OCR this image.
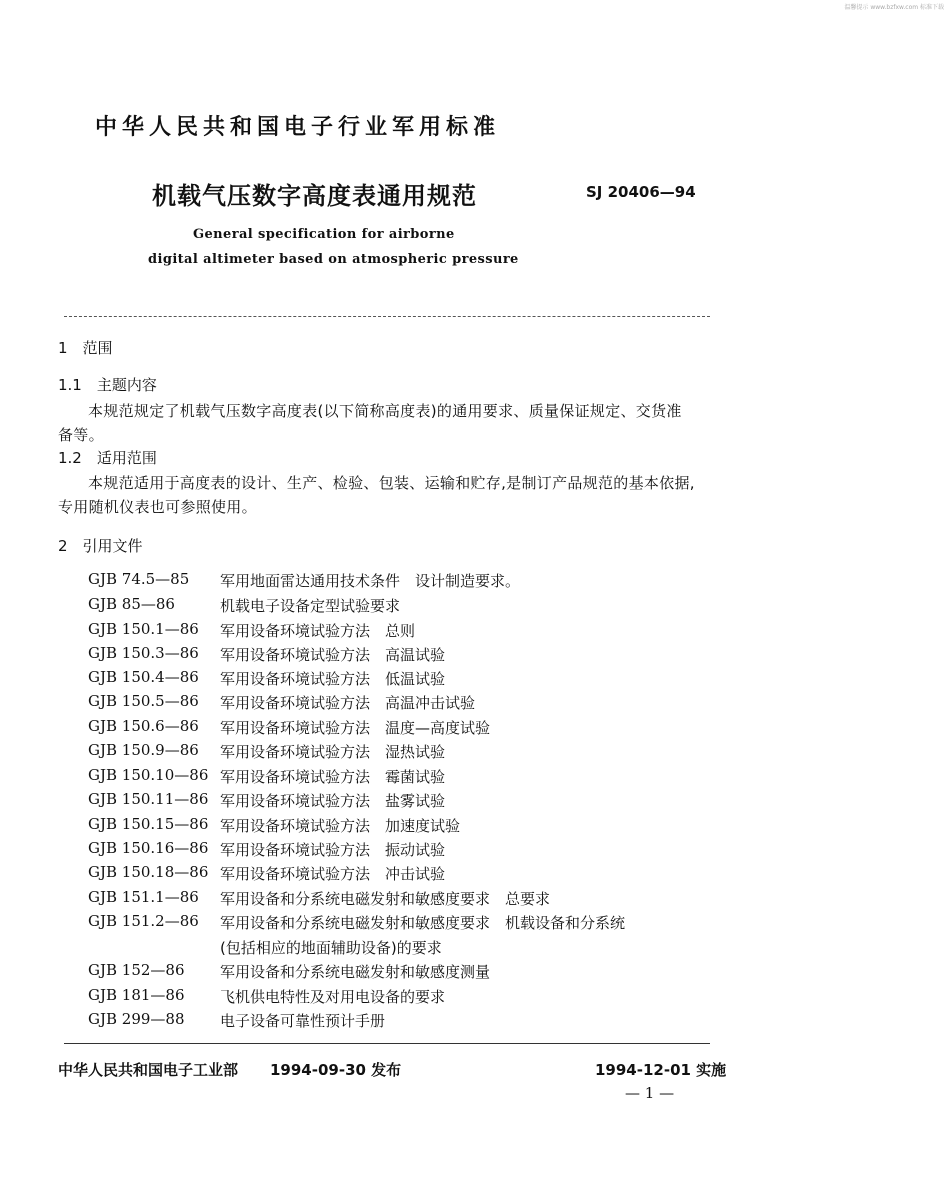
温馨提示 www.bzfxw.com 标准下载
中华人民共和国电子行业军用标准
机载气压数字高度表通用规范	SJ 20406—94
General specification for airborne
digital altimeter based on atmospheric pressure
1　范围
1.1　主题内容
本规范规定了机载气压数字高度表(以下简称高度表)的通用要求、质量保证规定、交货准
备等。
1.2　适用范围
本规范适用于高度表的设计、生产、检验、包装、运输和贮存,是制订产品规范的基本依据,
专用随机仪表也可参照使用。
2　引用文件
GJB 74.5—85 军用地面雷达通用技术条件　设计制造要求。
GJB 85—86	机载电子设备定型试验要求
GJB 150.1—86 军用设备环境试验方法　总则
GJB 150.3—86 军用设备环境试验方法　高温试验
GJB 150.4—86 军用设备环境试验方法　低温试验
GJB 150.5—86 军用设备环境试验方法　高温冲击试验
GJB 150.6—86 军用设备环境试验方法　温度—高度试验
GJB 150.9—86 军用设备环境试验方法　湿热试验
GJB 150.10—86 军用设备环境试验方法　霉菌试验
GJB 150.11—86 军用设备环境试验方法　盐雾试验
GJB 150.15—86 军用设备环境试验方法　加速度试验
GJB 150.16—86 军用设备环境试验方法　振动试验
GJB 150.18—86 军用设备环境试验方法　冲击试验
GJB 151.1—86 军用设备和分系统电磁发射和敏感度要求　总要求
GJB 151.2—86 军用设备和分系统电磁发射和敏感度要求　机载设备和分系统
(包括相应的地面辅助设备)的要求
GJB 152—86 军用设备和分系统电磁发射和敏感度测量
GJB 181—86 飞机供电特性及对用电设备的要求
GJB 299—88 电子设备可靠性预计手册
中华人民共和国电子工业部 1994-09-30 发布	1994-12-01 实施
— 1 —
